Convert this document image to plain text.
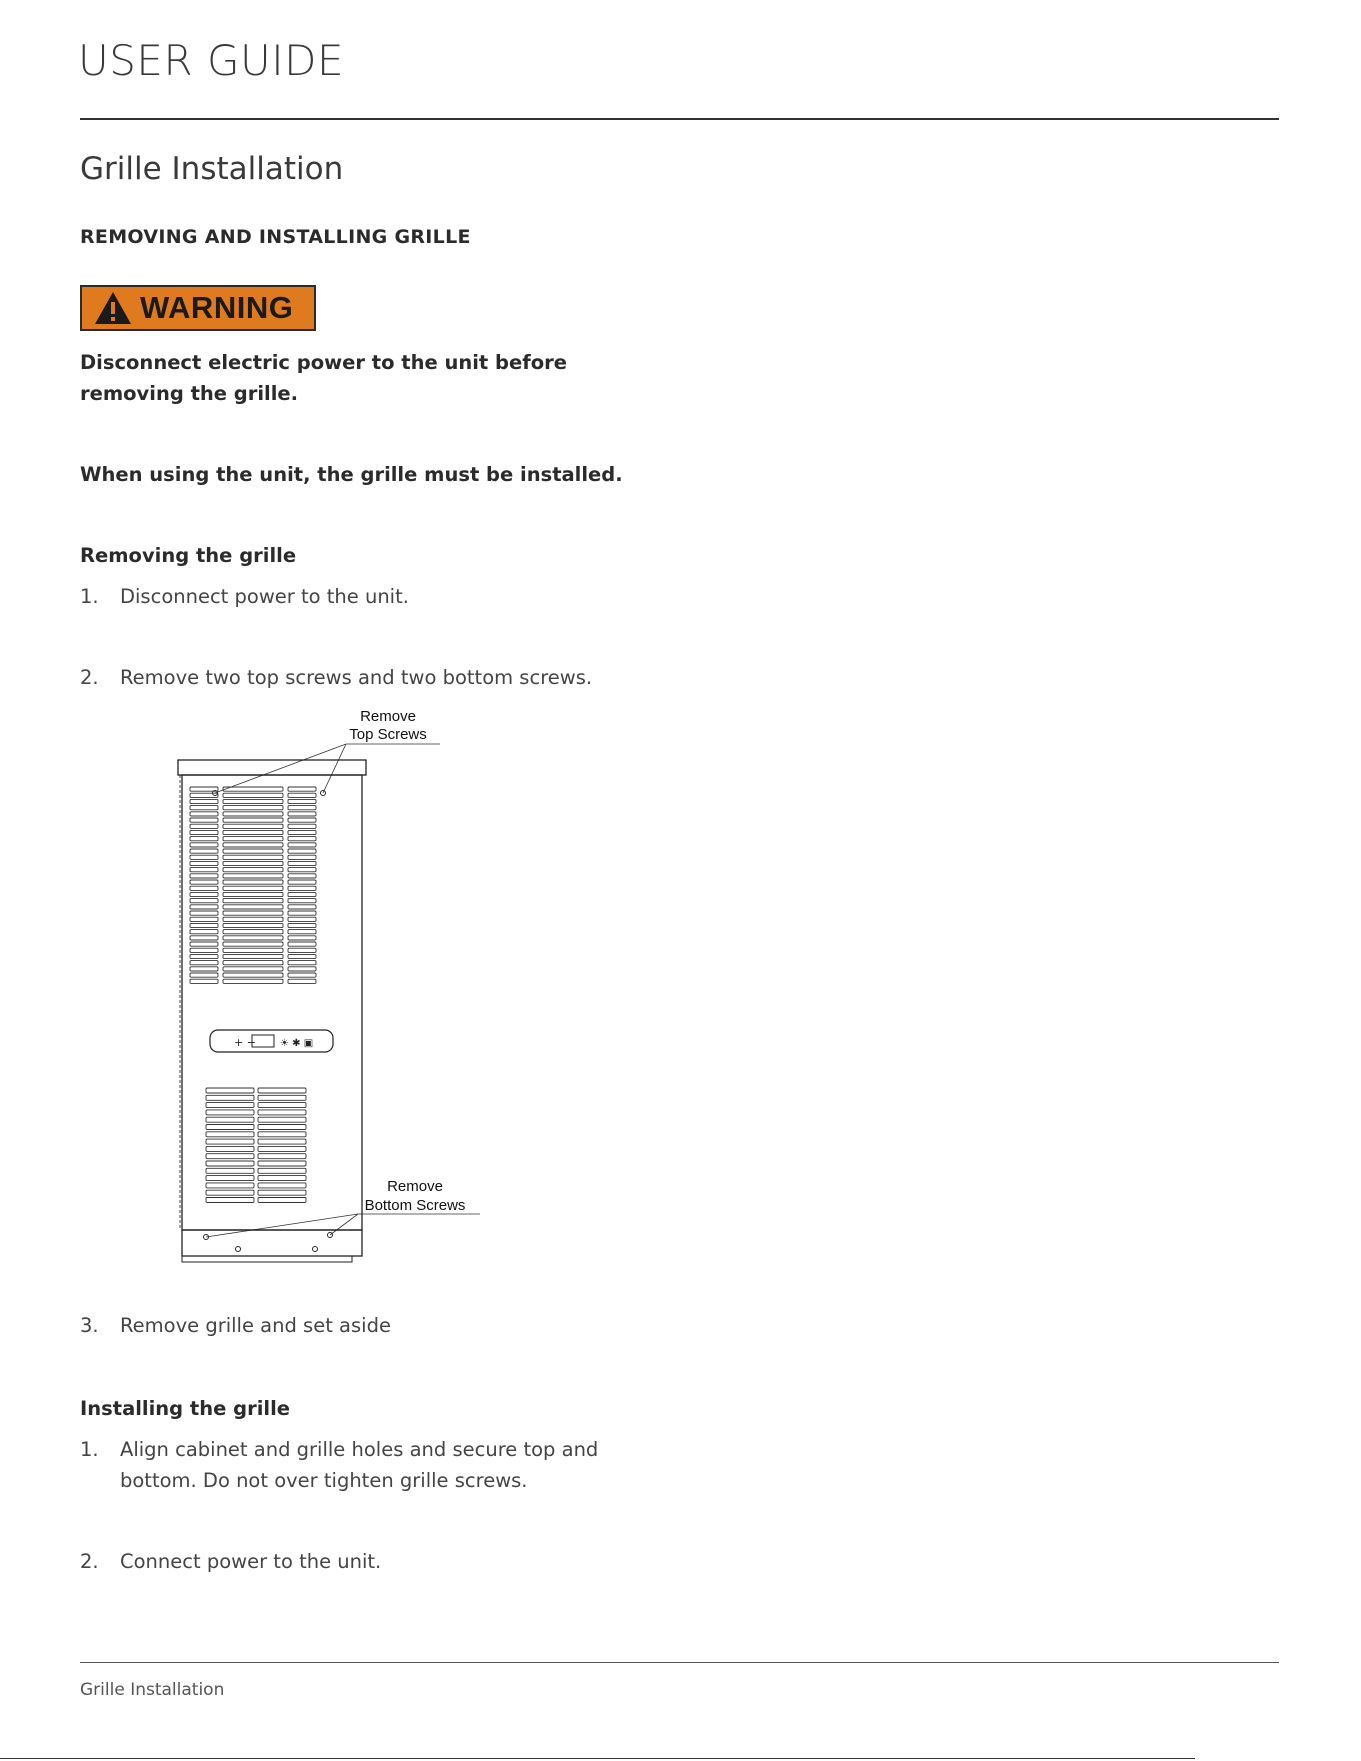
USER GUIDE
Grille Installation
REMOVING AND INSTALLING GRILLE
WARNING

Disconnect electric power to the unit before removing the grille.

When using the unit, the grille must be installed.

Removing the grille

1.	Disconnect power to the unit.
2.	Remove two top screws and two bottom screws.
Remove
Top Screws
Remove
Bottom Screws
+ − ☀ ✱ ▣
3.	Remove grille and set aside

Installing the grille

1.	Align cabinet and grille holes and secure top and bottom. Do not over tighten grille screws.
2.	Connect power to the unit.
Grille Installation
